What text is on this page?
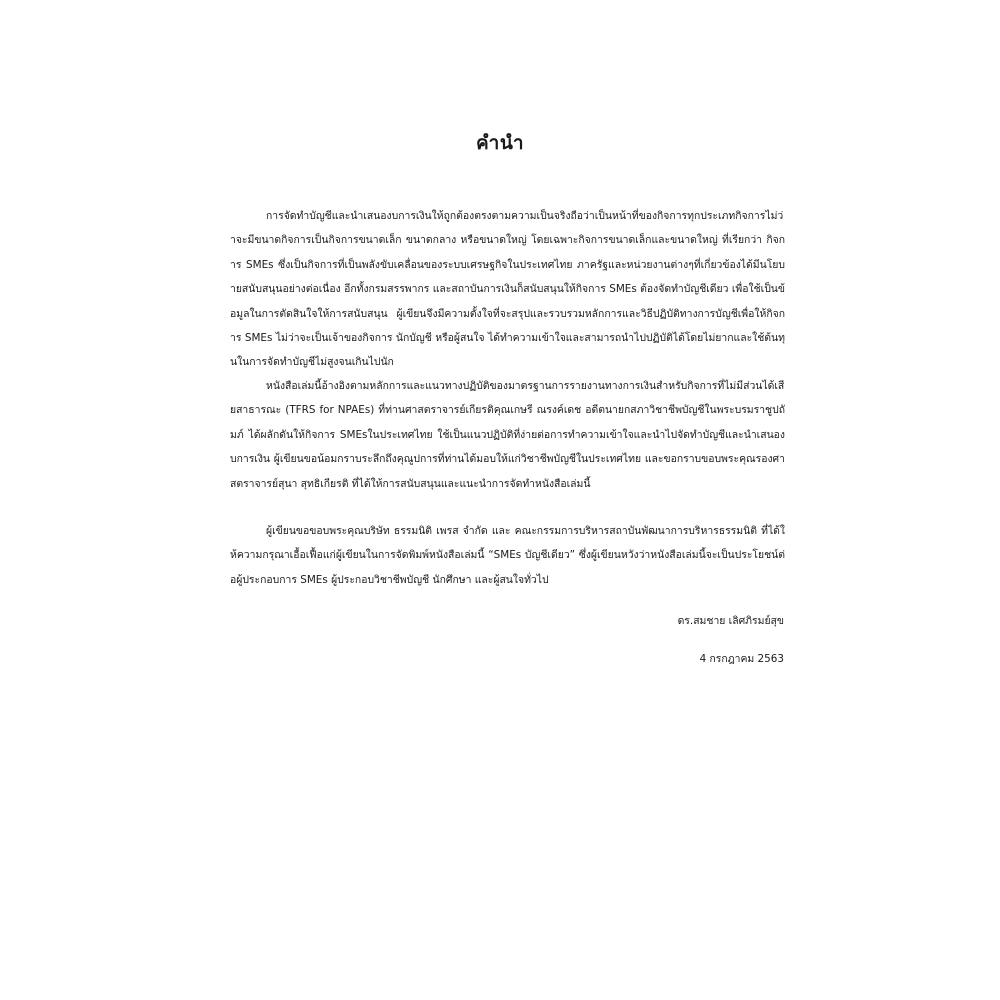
คำนำ

การจัดทำบัญชีและนำเสนองบการเงินให้ถูกต้องตรงตามความเป็นจริงถือว่าเป็นหน้าที่ของกิจการทุกประเภทกิจการไม่ว่าจะมีขนาดกิจการเป็นกิจการขนาดเล็ก ขนาดกลาง หรือขนาดใหญ่ โดยเฉพาะกิจการขนาดเล็กและขนาดใหญ่ ที่เรียกว่า กิจการ SMEs ซึ่งเป็นกิจการที่เป็นพลังขับเคลื่อนของระบบเศรษฐกิจในประเทศไทย ภาครัฐและหน่วยงานต่างๆที่เกี่ยวข้องได้มีนโยบายสนับสนุนอย่างต่อเนื่อง อีกทั้งกรมสรรพากร และสถาบันการเงินก็สนับสนุนให้กิจการ SMEs ต้องจัดทำบัญชีเดียว เพื่อใช้เป็นข้อมูลในการตัดสินใจให้การสนับสนุน ผู้เขียนจึงมีความตั้งใจที่จะสรุปและรวบรวมหลักการและวิธีปฏิบัติทางการบัญชีเพื่อให้กิจการ SMEs ไม่ว่าจะเป็นเจ้าของกิจการ นักบัญชี หรือผู้สนใจ ได้ทำความเข้าใจและสามารถนำไปปฏิบัติได้โดยไม่ยากและใช้ต้นทุนในการจัดทำบัญชีไม่สูงจนเกินไปนัก

หนังสือเล่มนี้อ้างอิงตามหลักการและแนวทางปฏิบัติของมาตรฐานการรายงานทางการเงินสำหรับกิจการที่ไม่มีส่วนได้เสียสาธารณะ (TFRS for NPAEs) ที่ท่านศาสตราจารย์เกียรติคุณเกษรี ณรงค์เดช อดีตนายกสภาวิชาชีพบัญชีในพระบรมราชูปถัมภ์ ได้ผลักดันให้กิจการ SMEsในประเทศไทย ใช้เป็นแนวปฏิบัติที่ง่ายต่อการทำความเข้าใจและนำไปจัดทำบัญชีและนำเสนองบการเงิน ผู้เขียนขอน้อมกราบระลึกถึงคุณูปการที่ท่านได้มอบให้แก่วิชาชีพบัญชีในประเทศไทย และขอกราบขอบพระคุณรองศาสตราจารย์สุนา สุทธิเกียรติ ที่ได้ให้การสนับสนุนและแนะนำการจัดทำหนังสือเล่มนี้

ผู้เขียนขอขอบพระคุณบริษัท ธรรมนิติ เพรส จำกัด และ คณะกรรมการบริหารสถาบันพัฒนาการบริหารธรรมนิติ ที่ได้ให้ความกรุณาเอื้อเฟื้อแก่ผู้เขียนในการจัดพิมพ์หนังสือเล่มนี้ “SMEs บัญชีเดียว” ซึ่งผู้เขียนหวังว่าหนังสือเล่มนี้จะเป็นประโยชน์ต่อผู้ประกอบการ SMEs ผู้ประกอบวิชาชีพบัญชี นักศึกษา และผู้สนใจทั่วไป

ดร.สมชาย เลิศภิรมย์สุข
4 กรกฎาคม 2563
